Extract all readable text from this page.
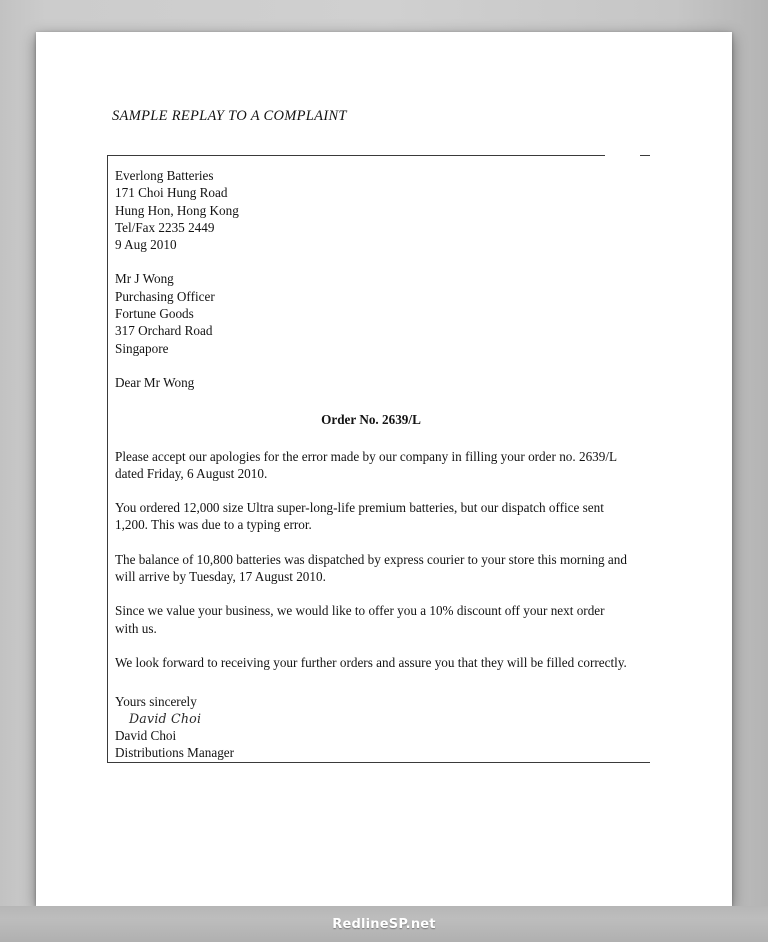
SAMPLE REPLAY TO A COMPLAINT
Everlong Batteries
171 Choi Hung Road
Hung Hon, Hong Kong
Tel/Fax 2235 2449
9 Aug 2010
Mr J Wong
Purchasing Officer
Fortune Goods
317 Orchard Road
Singapore
Dear Mr Wong
Order No. 2639/L

Please accept our apologies for the error made by our company in filling your order no. 2639/L dated Friday, 6 August 2010.

You ordered 12,000 size Ultra super-long-life premium batteries, but our dispatch office sent 1,200. This was due to a typing error.

The balance of 10,800 batteries was dispatched by express courier to your store this morning and will arrive by Tuesday, 17 August 2010.

Since we value your business, we would like to offer you a 10% discount off your next order with us.

We look forward to receiving your further orders and assure you that they will be filled correctly.

Yours sincerely
David Choi
David Choi
Distributions Manager
RedlineSP.net
